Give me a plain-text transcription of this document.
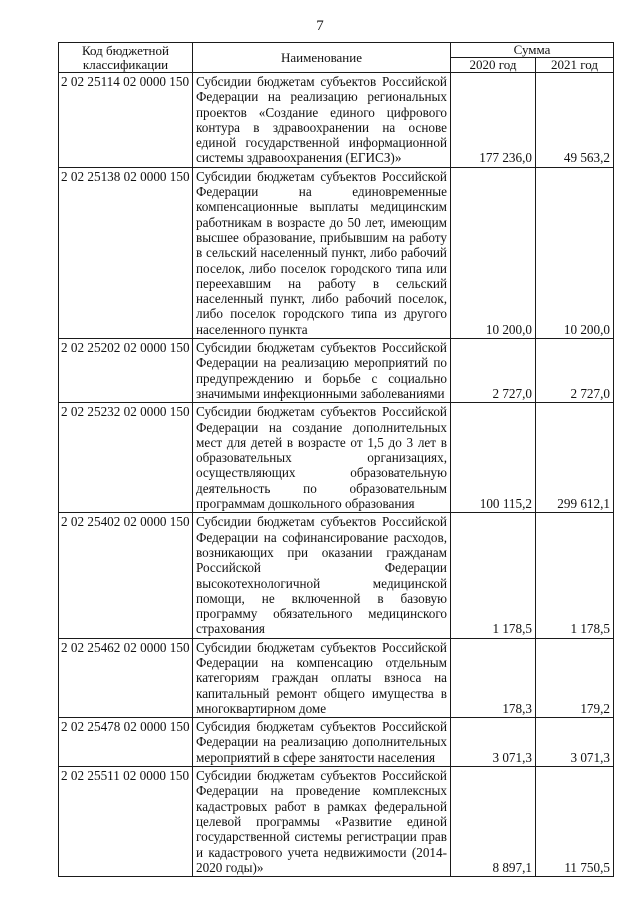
7
Код бюджетной классификации	Наименование	Сумма	
		2020 год	2021 год
2 02 25114 02 0000 150	Субсидии бюджетам субъектов Российской Федерации на реализацию региональных проектов «Создание единого цифрового контура в здравоохранении на основе единой государственной информационной системы здравоохранения (ЕГИСЗ)»	177 236,0	49 563,2
2 02 25138 02 0000 150	Субсидии бюджетам субъектов Российской Федерации на единовременные компенсационные выплаты медицинским работникам в возрасте до 50 лет, имеющим высшее образование, прибывшим на работу в сельский населенный пункт, либо рабочий поселок, либо поселок городского типа или переехавшим на работу в сельский населенный пункт, либо рабочий поселок, либо поселок городского типа из другого населенного пункта	10 200,0	10 200,0
2 02 25202 02 0000 150	Субсидии бюджетам субъектов Российской Федерации на реализацию мероприятий по предупреждению и борьбе с социально значимыми инфекционными заболеваниями	2 727,0	2 727,0
2 02 25232 02 0000 150	Субсидии бюджетам субъектов Российской Федерации на создание дополнительных мест для детей в возрасте от 1,5 до 3 лет в образовательных организациях, осуществляющих образовательную деятельность по образовательным программам дошкольного образования	100 115,2	299 612,1
2 02 25402 02 0000 150	Субсидии бюджетам субъектов Российской Федерации на софинансирование расходов, возникающих при оказании гражданам Российской Федерации высокотехнологичной медицинской помощи, не включенной в базовую программу обязательного медицинского страхования	1 178,5	1 178,5
2 02 25462 02 0000 150	Субсидии бюджетам субъектов Российской Федерации на компенсацию отдельным категориям граждан оплаты взноса на капитальный ремонт общего имущества в многоквартирном доме	178,3	179,2
2 02 25478 02 0000 150	Субсидия бюджетам субъектов Российской Федерации на реализацию дополнительных мероприятий в сфере занятости населения	3 071,3	3 071,3
2 02 25511 02 0000 150	Субсидии бюджетам субъектов Российской Федерации на проведение комплексных кадастровых работ в рамках федеральной целевой программы «Развитие единой государственной системы регистрации прав и кадастрового учета недвижимости (2014-2020 годы)»	8 897,1	11 750,5
